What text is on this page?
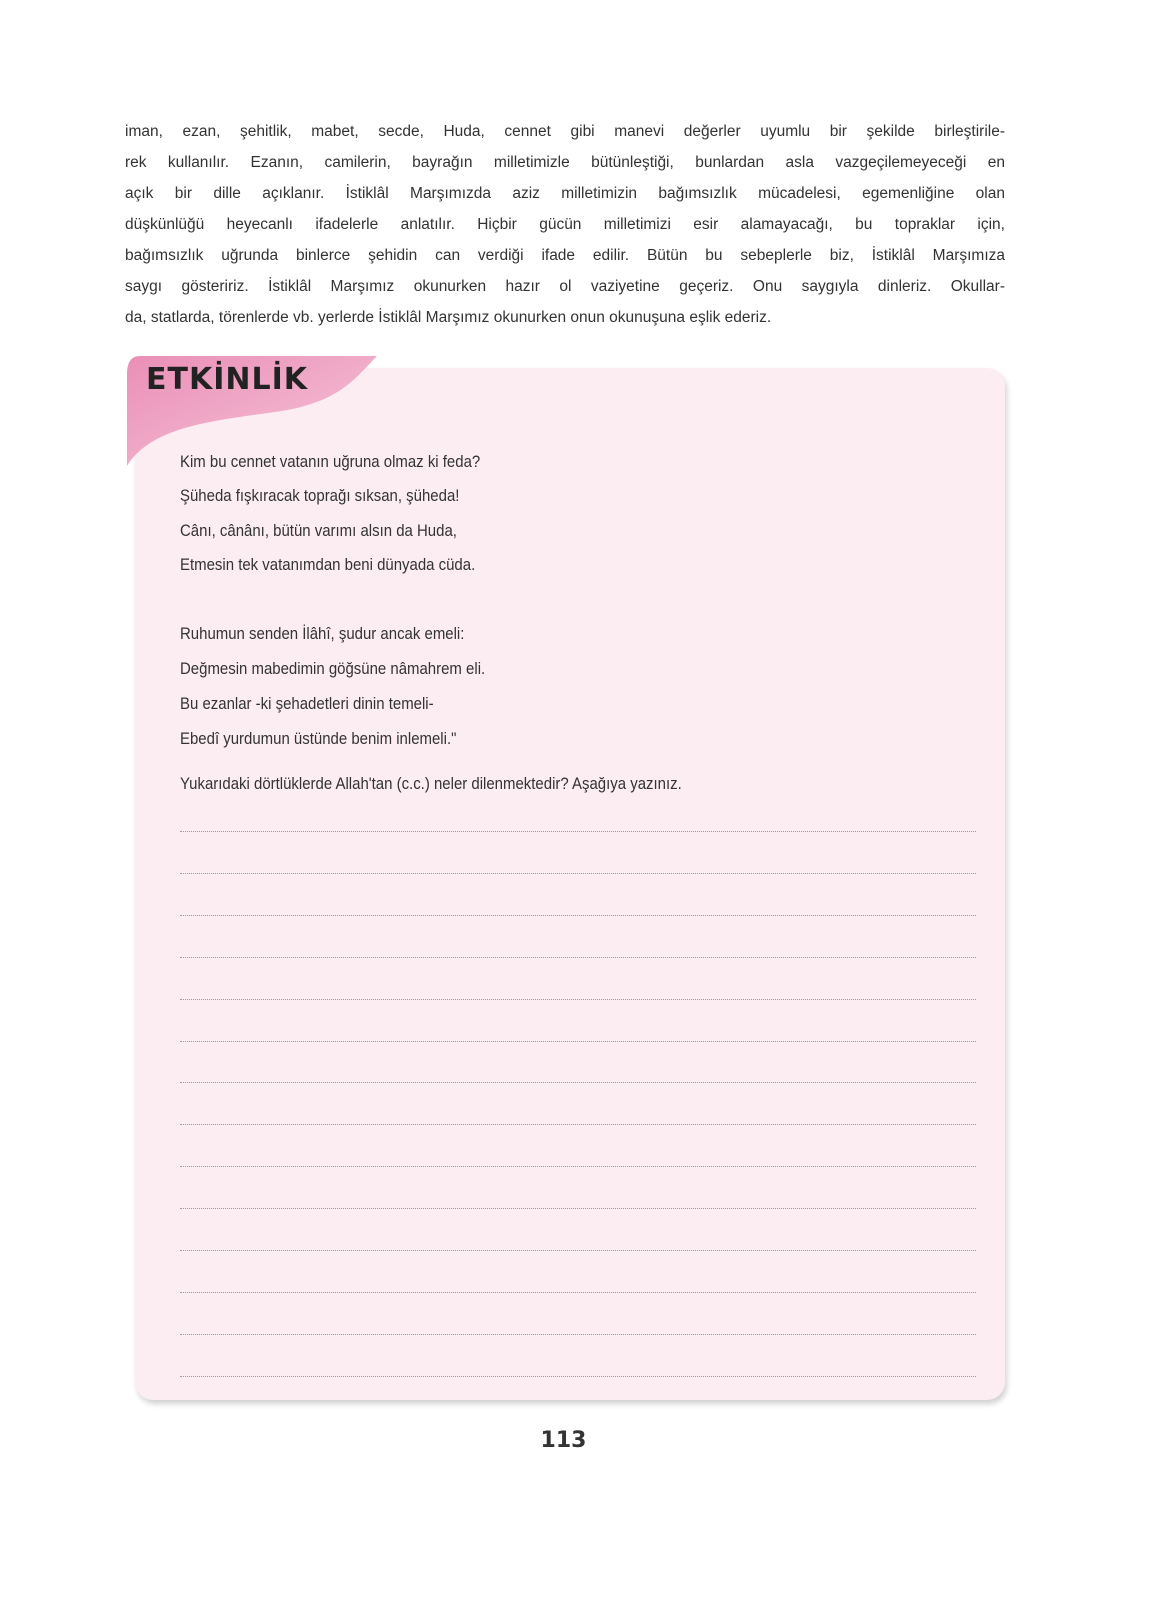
iman, ezan, şehitlik, mabet, secde, Huda, cennet gibi manevi değerler uyumlu bir şekilde birleştirile-
rek kullanılır. Ezanın, camilerin, bayrağın milletimizle bütünleştiği, bunlardan asla vazgeçilemeyeceği en
açık bir dille açıklanır. İstiklâl Marşımızda aziz milletimizin bağımsızlık mücadelesi, egemenliğine olan
düşkünlüğü heyecanlı ifadelerle anlatılır. Hiçbir gücün milletimizi esir alamayacağı, bu topraklar için,
bağımsızlık uğrunda binlerce şehidin can verdiği ifade edilir. Bütün bu sebeplerle biz, İstiklâl Marşımıza
saygı gösteririz. İstiklâl Marşımız okunurken hazır ol vaziyetine geçeriz. Onu saygıyla dinleriz. Okullar-
da, statlarda, törenlerde vb. yerlerde İstiklâl Marşımız okunurken onun okunuşuna eşlik ederiz.
ETKİNLİK
Kim bu cennet vatanın uğruna olmaz ki feda?
Şüheda fışkıracak toprağı sıksan, şüheda!
Cânı, cânânı, bütün varımı alsın da Huda,
Etmesin tek vatanımdan beni dünyada cüda.
Ruhumun senden İlâhî, şudur ancak emeli:
Değmesin mabedimin göğsüne nâmahrem eli.
Bu ezanlar -ki şehadetleri dinin temeli-
Ebedî yurdumun üstünde benim inlemeli."
Yukarıdaki dörtlüklerde Allah'tan (c.c.) neler dilenmektedir? Aşağıya yazınız.
113
